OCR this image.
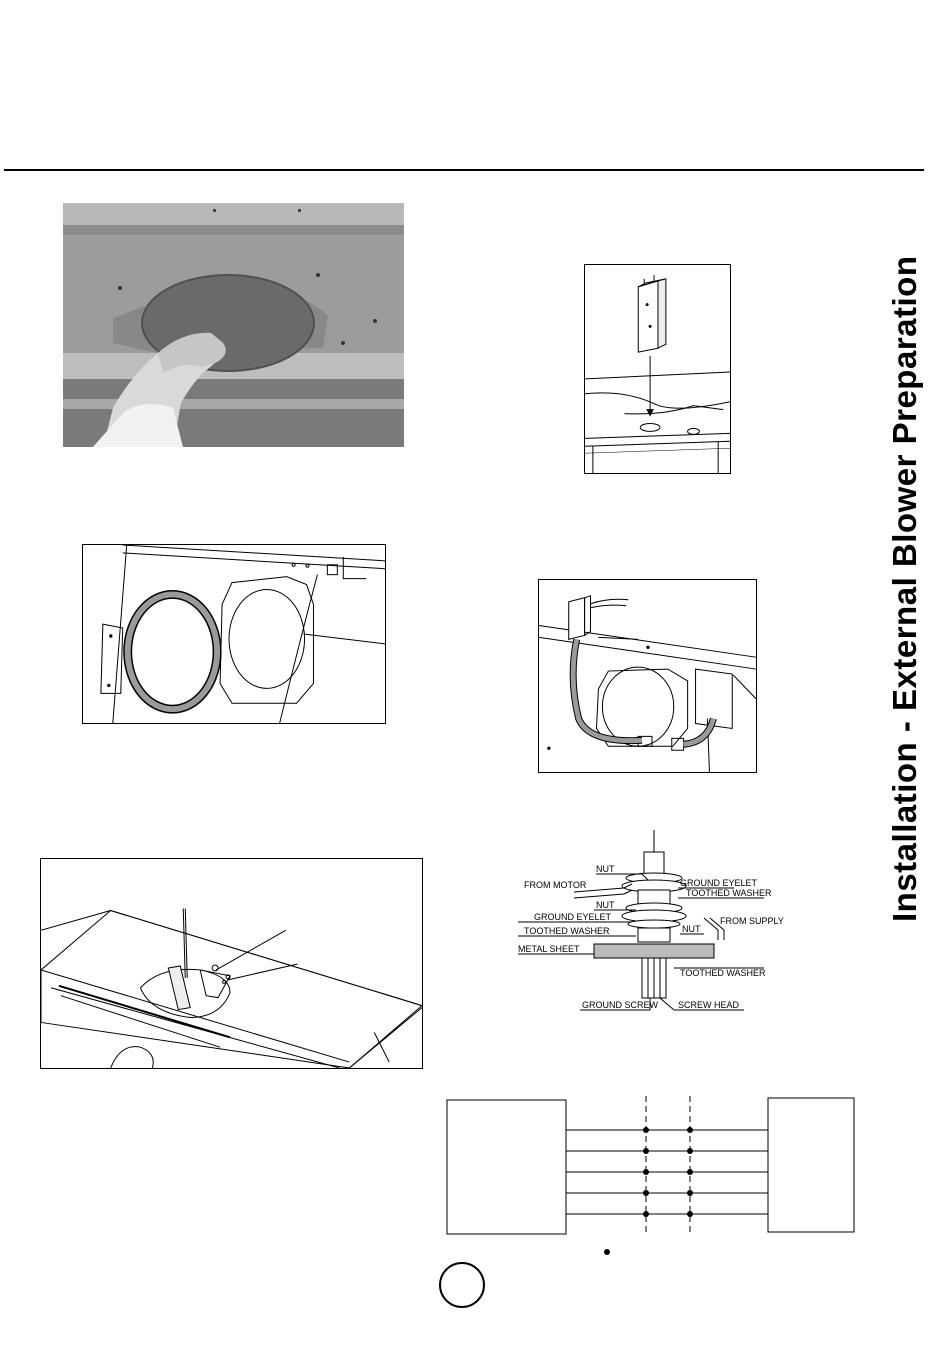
Installation - External Blower Preparation
NUT
FROM MOTOR	GROUND EYELET
TOOTHED WASHER
NUT
FROM SUPPLY
GROUND EYELET
TOOTHED WASHER	NUT
METAL SHEET
TOOTHED WASHER
GROUND SCREW SCREW HEAD
